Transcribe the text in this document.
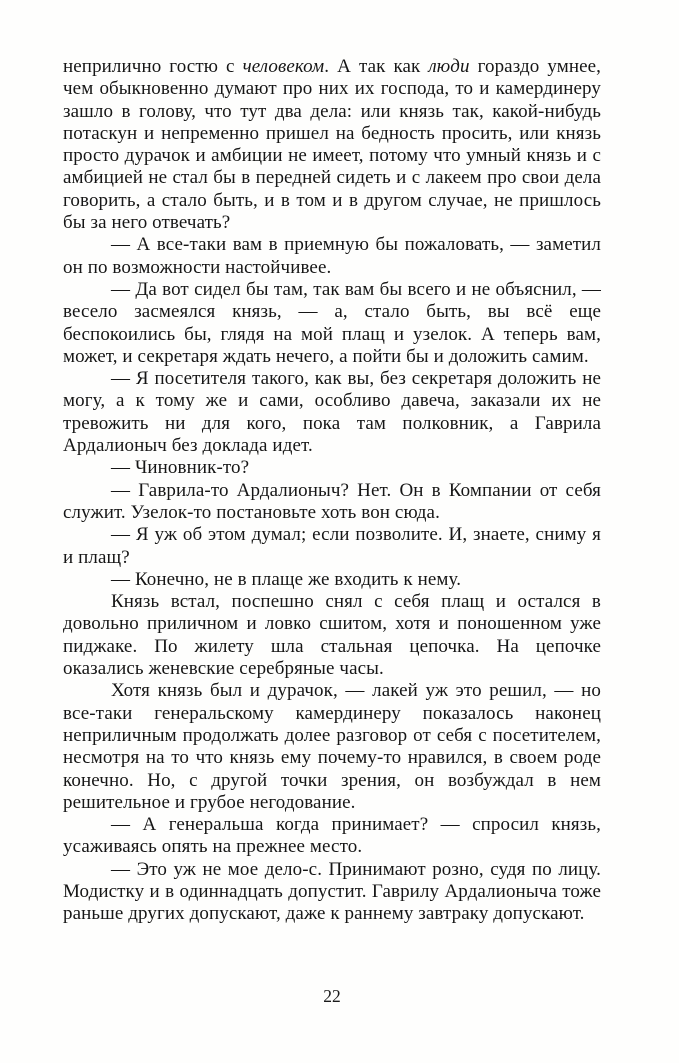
неприлично гостю с человеком. А так как люди гораздо умнее, чем обыкновенно думают про них их господа, то и камердинеру зашло в голову, что тут два дела: или князь так, какой-нибудь потаскун и непременно пришел на бедность просить, или князь просто дурачок и амбиции не имеет, потому что умный князь и с амбицией не стал бы в передней сидеть и с лакеем про свои дела говорить, а стало быть, и в том и в другом случае, не пришлось бы за него отвечать?

— А все-таки вам в приемную бы пожаловать, — заметил он по возможности настойчивее.

— Да вот сидел бы там, так вам бы всего и не объяснил, — весело засмеялся князь, — а, стало быть, вы всё еще беспокоились бы, глядя на мой плащ и узелок. А теперь вам, может, и секретаря ждать нечего, а пойти бы и доложить самим.

— Я посетителя такого, как вы, без секретаря доложить не могу, а к тому же и сами, особливо давеча, заказали их не тревожить ни для кого, пока там полковник, а Гаврила Ардалионыч без доклада идет.

— Чиновник-то?

— Гаврила-то Ардалионыч? Нет. Он в Компании от себя служит. Узелок-то постановьте хоть вон сюда.

— Я уж об этом думал; если позволите. И, знаете, сниму я и плащ?

— Конечно, не в плаще же входить к нему.

Князь встал, поспешно снял с себя плащ и остался в довольно приличном и ловко сшитом, хотя и поношенном уже пиджаке. По жилету шла стальная цепочка. На цепочке оказались женевские серебряные часы.

Хотя князь был и дурачок, — лакей уж это решил, — но все-таки генеральскому камердинеру показалось наконец неприличным продолжать долее разговор от себя с посетителем, несмотря на то что князь ему почему-то нравился, в своем роде конечно. Но, с другой точки зрения, он возбуждал в нем решительное и грубое негодование.

— А генеральша когда принимает? — спросил князь, усаживаясь опять на прежнее место.

— Это уж не мое дело-с. Принимают розно, судя по лицу. Модистку и в одиннадцать допустит. Гаврилу Ардалионыча тоже раньше других допускают, даже к раннему завтраку допускают.

22
